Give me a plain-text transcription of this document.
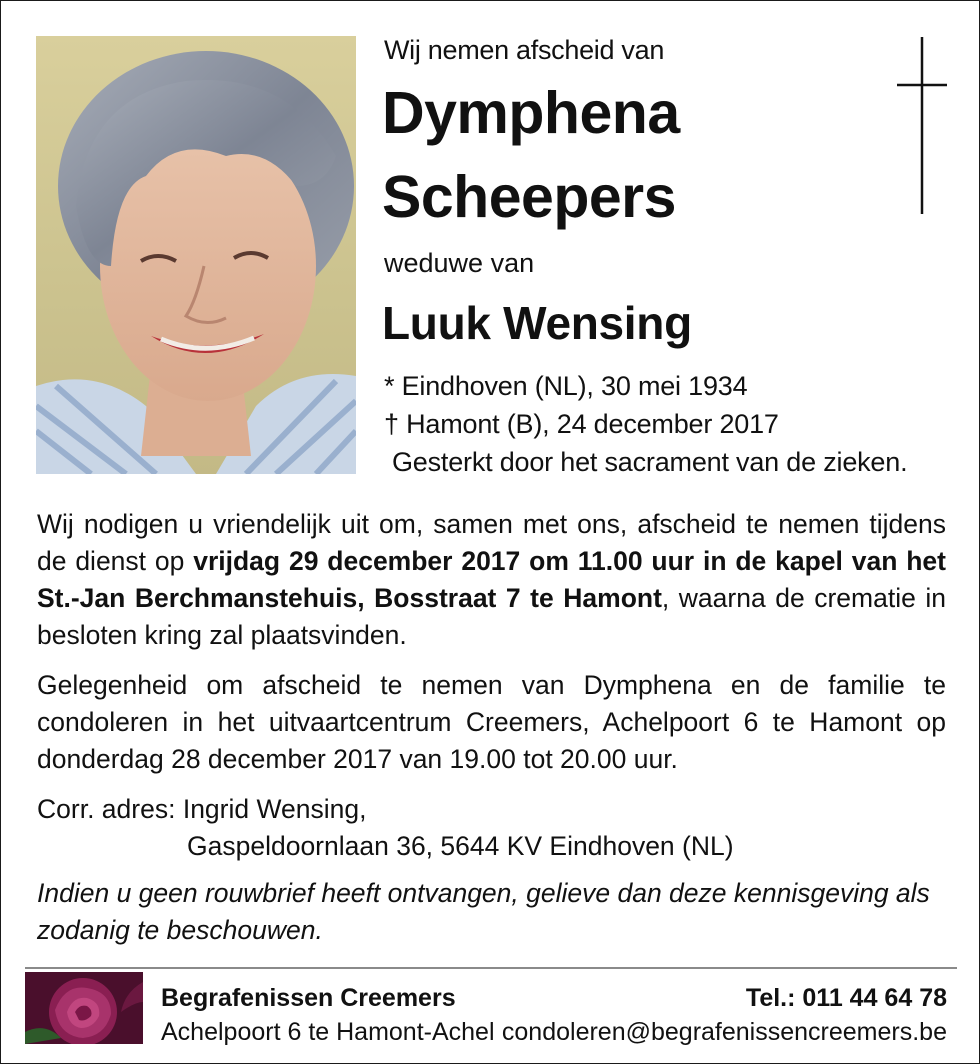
Wij nemen afscheid van
Dymphena
Scheepers
weduwe van
Luuk Wensing
* Eindhoven (NL), 30 mei 1934
† Hamont (B), 24 december 2017
Gesterkt door het sacrament van de zieken.

Wij nodigen u vriendelijk uit om, samen met ons, afscheid te nemen tijdens de dienst op vrijdag 29 december 2017 om 11.00 uur in de kapel van het St.-Jan Berchmanstehuis, Bosstraat 7 te Hamont, waarna de crematie in besloten kring zal plaatsvinden.

Gelegenheid om afscheid te nemen van Dymphena en de familie te condoleren in het uitvaartcentrum Creemers, Achelpoort 6 te Hamont op donderdag 28 december 2017 van 19.00 tot 20.00 uur.

Corr. adres: Ingrid Wensing,
Gaspeldoornlaan 36, 5644 KV Eindhoven (NL)

Indien u geen rouwbrief heeft ontvangen, gelieve dan deze kennisgeving als zodanig te beschouwen.

Begrafenissen Creemers
Achelpoort 6 te Hamont-Achel
Tel.: 011 44 64 78
condoleren@begrafenissencreemers.be
